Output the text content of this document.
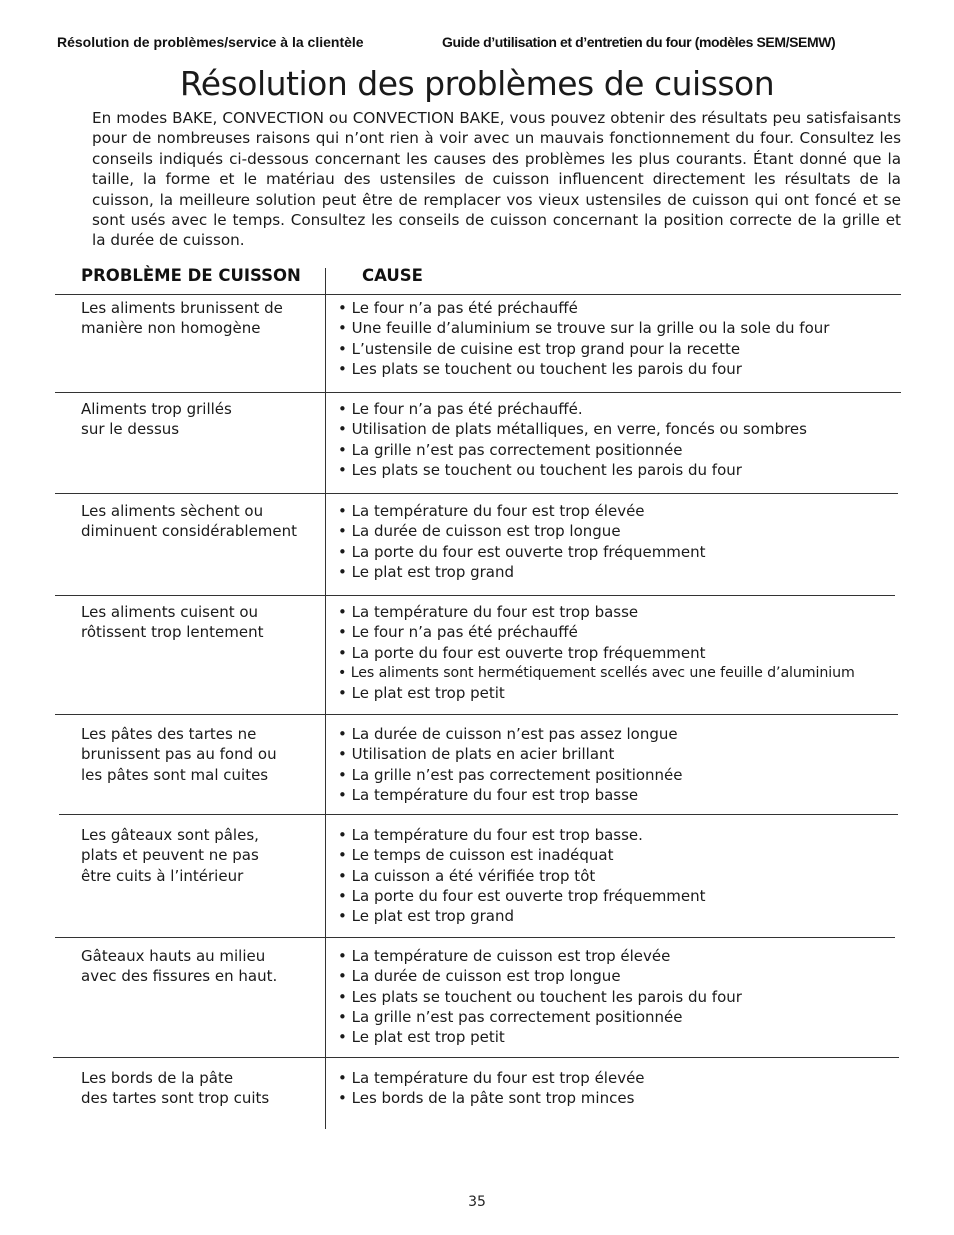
Résolution de problèmes/service à la clientèle	Guide d’utilisation et d’entretien du four (modèles SEM/SEMW)
Résolution des problèmes de cuisson

En modes BAKE, CONVECTION ou CONVECTION BAKE, vous pouvez obtenir des résultats peu satisfaisants pour de nombreuses raisons qui n’ont rien à voir avec un mauvais fonctionnement du four. Consultez les conseils indiqués ci-dessous concernant les causes des problèmes les plus courants. Étant donné que la taille, la forme et le matériau des ustensiles de cuisson influencent directement les résultats de la cuisson, la meilleure solution peut être de remplacer vos vieux ustensiles de cuisson qui ont foncé et se sont usés avec le temps. Consultez les conseils de cuisson concernant la position correcte de la grille et la durée de cuisson.

PROBLÈME DE CUISSON	CAUSE
Les aliments brunissent de
manière non homogène
• Le four n’a pas été préchauffé
• Une feuille d’aluminium se trouve sur la grille ou la sole du four
• L’ustensile de cuisine est trop grand pour la recette
• Les plats se touchent ou touchent les parois du four
Aliments trop grillés
sur le dessus
• Le four n’a pas été préchauffé.
• Utilisation de plats métalliques, en verre, foncés ou sombres
• La grille n’est pas correctement positionnée
• Les plats se touchent ou touchent les parois du four
Les aliments sèchent ou
diminuent considérablement
• La température du four est trop élevée
• La durée de cuisson est trop longue
• La porte du four est ouverte trop fréquemment
• Le plat est trop grand
Les aliments cuisent ou
rôtissent trop lentement
• La température du four est trop basse
• Le four n’a pas été préchauffé
• La porte du four est ouverte trop fréquemment
• Les aliments sont hermétiquement scellés avec une feuille d’aluminium
• Le plat est trop petit
Les pâtes des tartes ne
brunissent pas au fond ou
les pâtes sont mal cuites
• La durée de cuisson n’est pas assez longue
• Utilisation de plats en acier brillant
• La grille n’est pas correctement positionnée
• La température du four est trop basse
Les gâteaux sont pâles,
plats et peuvent ne pas
être cuits à l’intérieur
• La température du four est trop basse.
• Le temps de cuisson est inadéquat
• La cuisson a été vérifiée trop tôt
• La porte du four est ouverte trop fréquemment
• Le plat est trop grand
Gâteaux hauts au milieu
avec des fissures en haut.
• La température de cuisson est trop élevée
• La durée de cuisson est trop longue
• Les plats se touchent ou touchent les parois du four
• La grille n’est pas correctement positionnée
• Le plat est trop petit
Les bords de la pâte
des tartes sont trop cuits
• La température du four est trop élevée
• Les bords de la pâte sont trop minces
35
